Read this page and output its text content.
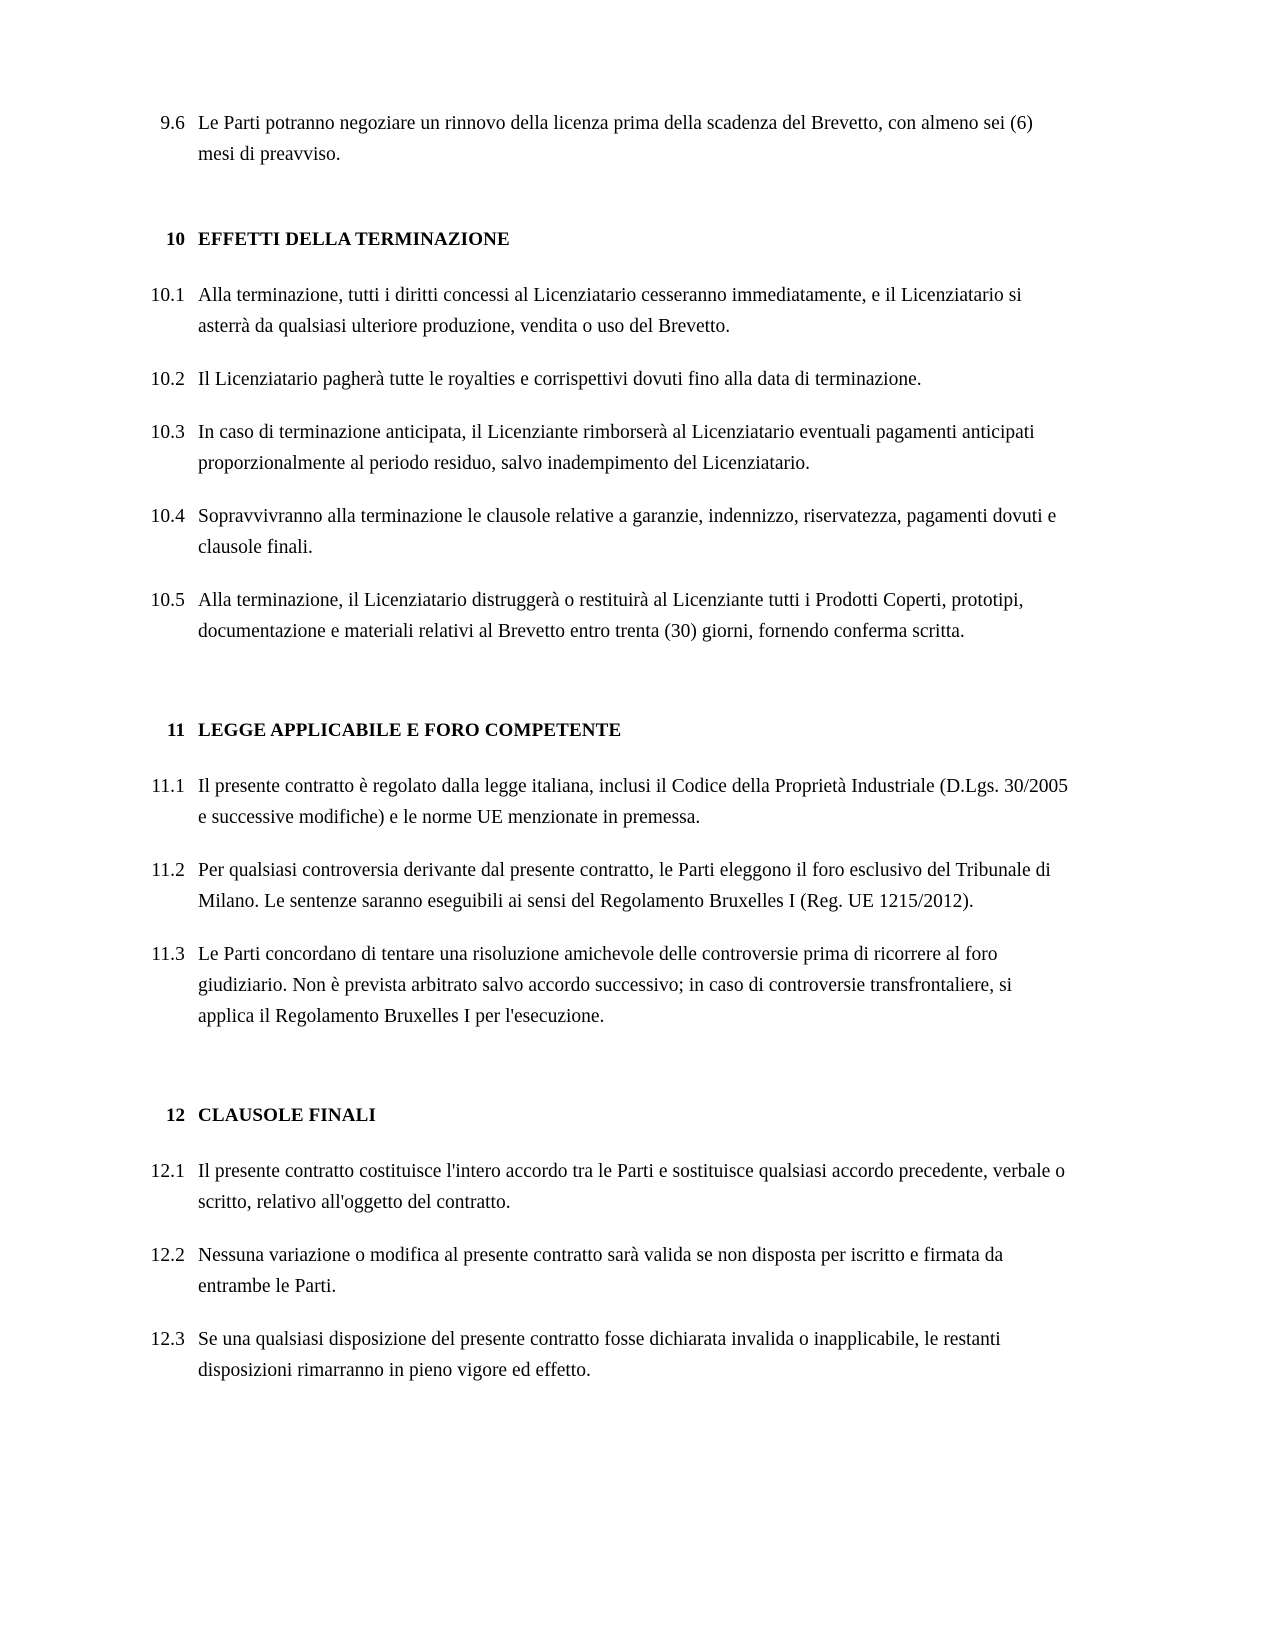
9.6 Le Parti potranno negoziare un rinnovo della licenza prima della scadenza del Brevetto, con almeno sei (6) mesi di preavviso.
10 EFFETTI DELLA TERMINAZIONE
10.1 Alla terminazione, tutti i diritti concessi al Licenziatario cesseranno immediatamente, e il Licenziatario si asterrà da qualsiasi ulteriore produzione, vendita o uso del Brevetto.
10.2 Il Licenziatario pagherà tutte le royalties e corrispettivi dovuti fino alla data di terminazione.
10.3 In caso di terminazione anticipata, il Licenziante rimborserà al Licenziatario eventuali pagamenti anticipati proporzionalmente al periodo residuo, salvo inadempimento del Licenziatario.
10.4 Sopravvivranno alla terminazione le clausole relative a garanzie, indennizzo, riservatezza, pagamenti dovuti e clausole finali.
10.5 Alla terminazione, il Licenziatario distruggerà o restituirà al Licenziante tutti i Prodotti Coperti, prototipi, documentazione e materiali relativi al Brevetto entro trenta (30) giorni, fornendo conferma scritta.
11 LEGGE APPLICABILE E FORO COMPETENTE
11.1 Il presente contratto è regolato dalla legge italiana, inclusi il Codice della Proprietà Industriale (D.Lgs. 30/2005 e successive modifiche) e le norme UE menzionate in premessa.
11.2 Per qualsiasi controversia derivante dal presente contratto, le Parti eleggono il foro esclusivo del Tribunale di Milano. Le sentenze saranno eseguibili ai sensi del Regolamento Bruxelles I (Reg. UE 1215/2012).
11.3 Le Parti concordano di tentare una risoluzione amichevole delle controversie prima di ricorrere al foro giudiziario. Non è prevista arbitrato salvo accordo successivo; in caso di controversie transfrontaliere, si applica il Regolamento Bruxelles I per l'esecuzione.
12 CLAUSOLE FINALI
12.1 Il presente contratto costituisce l'intero accordo tra le Parti e sostituisce qualsiasi accordo precedente, verbale o scritto, relativo all'oggetto del contratto.
12.2 Nessuna variazione o modifica al presente contratto sarà valida se non disposta per iscritto e firmata da entrambe le Parti.
12.3 Se una qualsiasi disposizione del presente contratto fosse dichiarata invalida o inapplicabile, le restanti disposizioni rimarranno in pieno vigore ed effetto.
